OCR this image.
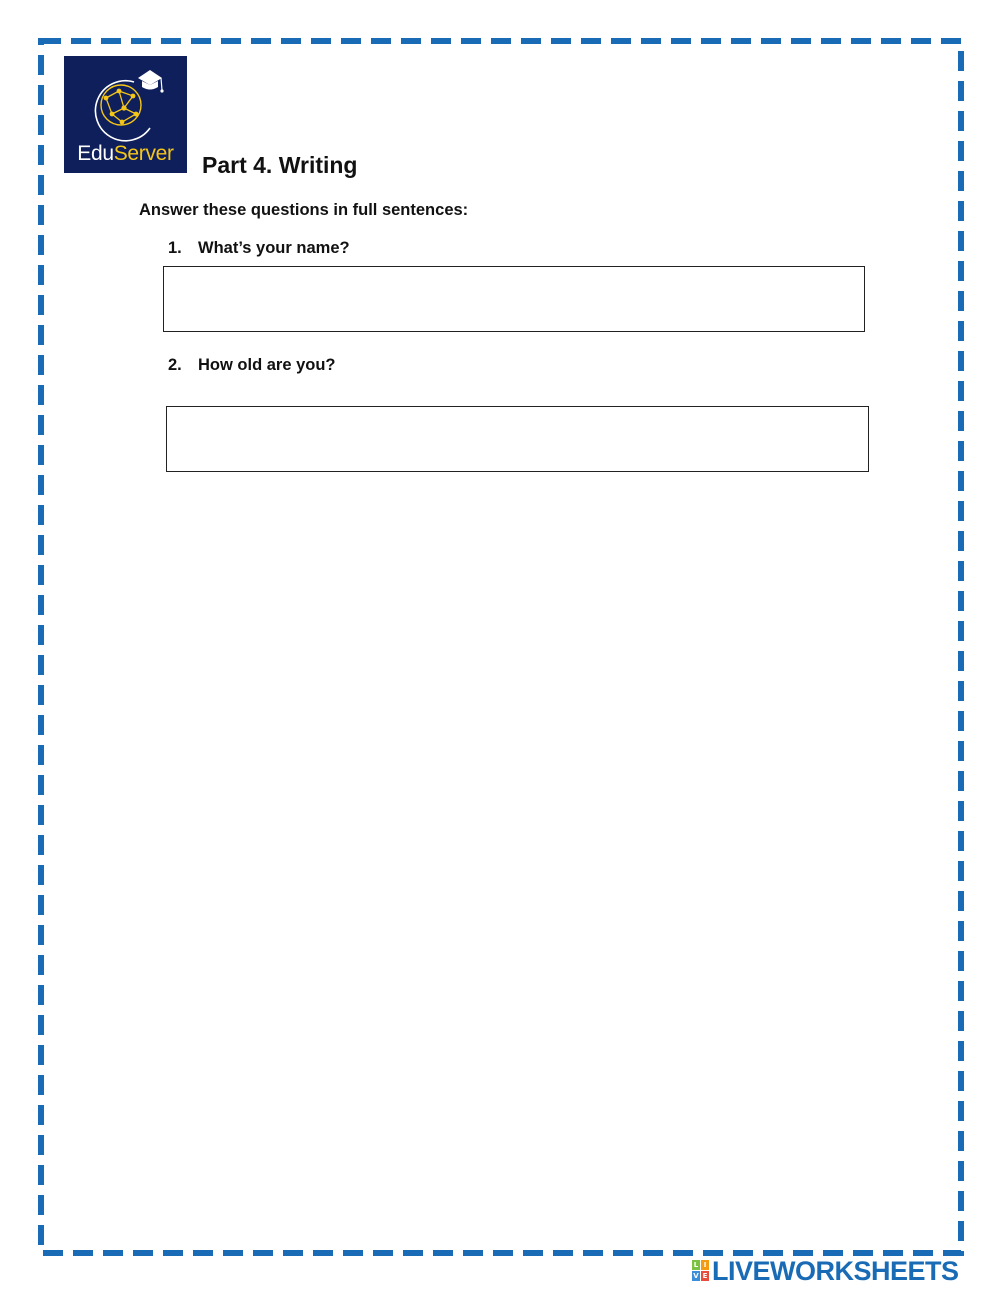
EduServer	Part 4. Writing

Answer these questions in full sentences:

1. What’s your name?
2. How old are you?
L I
V E LIVEWORKSHEETS
